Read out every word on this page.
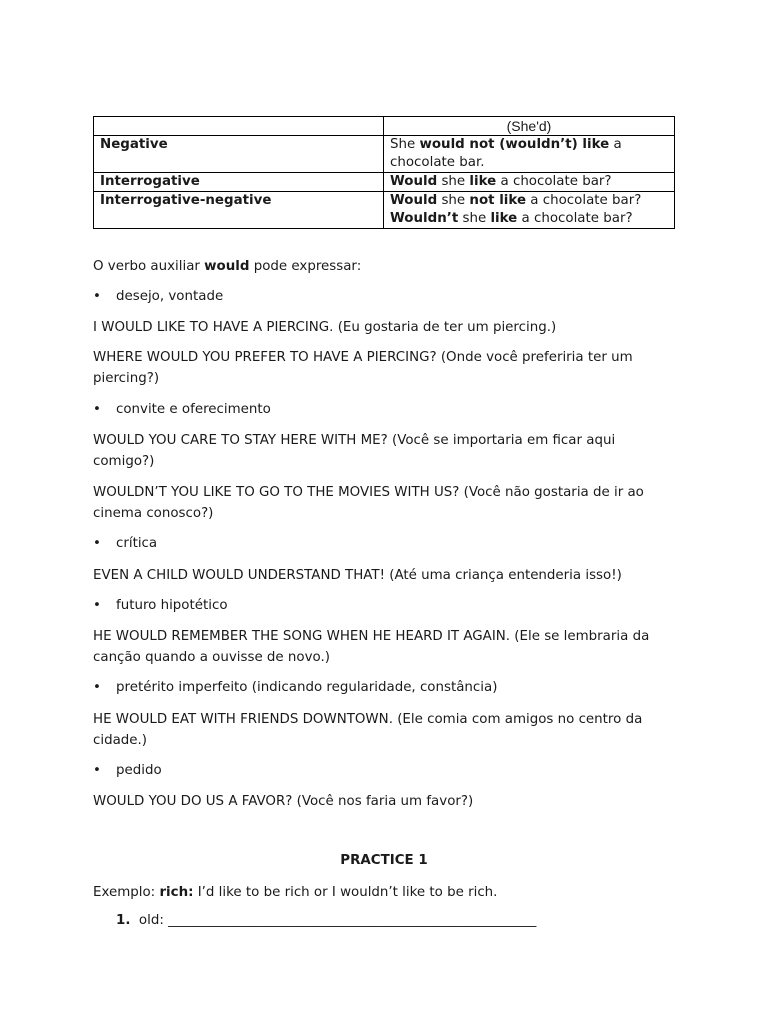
	(She'd)
Negative	She would not (wouldn’t) like a
chocolate bar.
Interrogative	Would she like a chocolate bar?
Interrogative-negative	Would she not like a chocolate bar?
Wouldn’t she like a chocolate bar?

O verbo auxiliar would pode expressar:

• desejo, vontade

I WOULD LIKE TO HAVE A PIERCING. (Eu gostaria de ter um piercing.)

WHERE WOULD YOU PREFER TO HAVE A PIERCING? (Onde você preferiria ter um piercing?)

• convite e oferecimento

WOULD YOU CARE TO STAY HERE WITH ME? (Você se importaria em ficar aqui comigo?)

WOULDN’T YOU LIKE TO GO TO THE MOVIES WITH US? (Você não gostaria de ir ao cinema conosco?)

• crítica

EVEN A CHILD WOULD UNDERSTAND THAT! (Até uma criança entenderia isso!)

• futuro hipotético

HE WOULD REMEMBER THE SONG WHEN HE HEARD IT AGAIN. (Ele se lembraria da canção quando a ouvisse de novo.)

• pretérito imperfeito (indicando regularidade, constância)

HE WOULD EAT WITH FRIENDS DOWNTOWN. (Ele comia com amigos no centro da cidade.)

• pedido

WOULD YOU DO US A FAVOR? (Você nos faria um favor?)

PRACTICE 1

Exemplo: rich: I’d like to be rich or I wouldn’t like to be rich.

1. old: _______________________________________________________
